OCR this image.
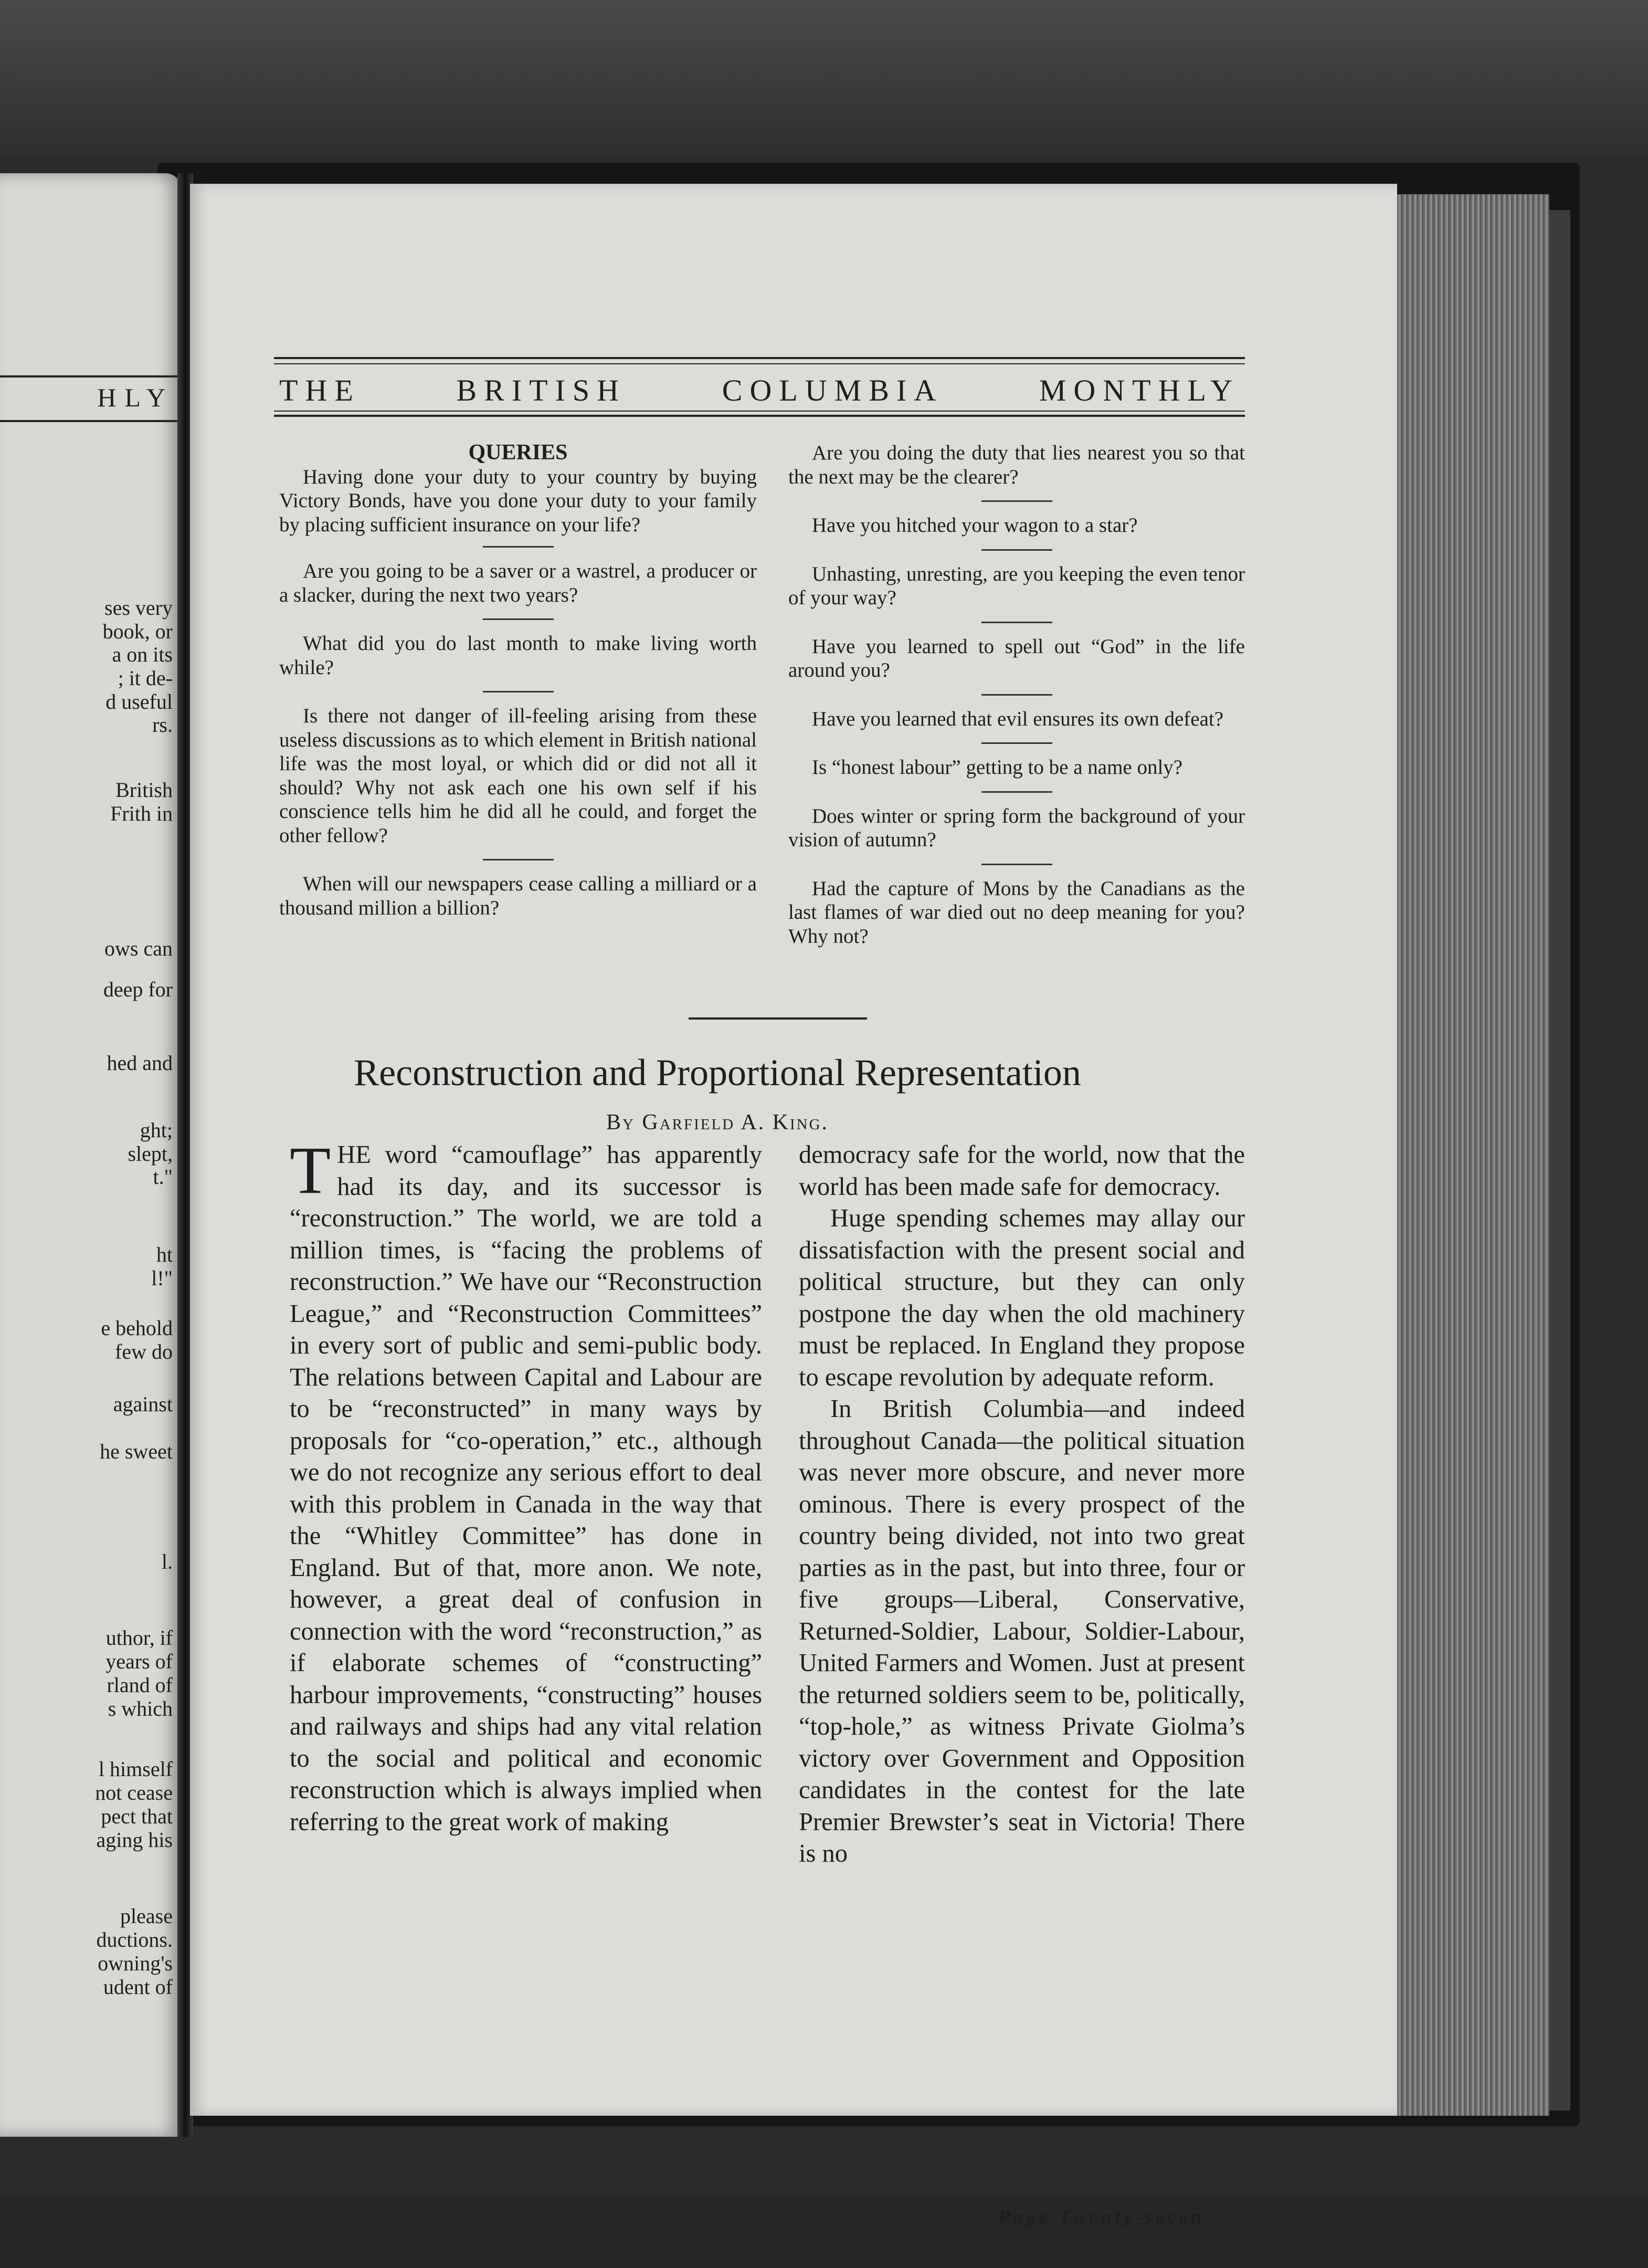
HLY
ses very
book, or
a on its
; it de-
d useful
rs.
British
Frith in
ows can
deep for
hed and
ght;
slept,
t."
ht
l!"
e behold
few do
against
he sweet
l.
uthor, if
years of
rland of
s which
l himself
not cease
pect that
aging his
please
ductions.
owning's
udent of
THE	BRITISH	COLUMBIA	MONTHLY

QUERIES

Having done your duty to your country by buying Victory Bonds, have you done your duty to your family by placing sufficient insurance on your life?

Are you going to be a saver or a wastrel, a producer or a slacker, during the next two years?

What did you do last month to make living worth while?

Is there not danger of ill-feeling arising from these useless discussions as to which element in British national life was the most loyal, or which did or did not all it should? Why not ask each one his own self if his conscience tells him he did all he could, and forget the other fellow?

When will our newspapers cease calling a milliard or a thousand million a billion?

Are you doing the duty that lies nearest you so that the next may be the clearer?

Have you hitched your wagon to a star?

Unhasting, unresting, are you keeping the even tenor of your way?

Have you learned to spell out “God” in the life around you?

Have you learned that evil ensures its own defeat?

Is “honest labour” getting to be a name only?

Does winter or spring form the background of your vision of autumn?

Had the capture of Mons by the Canadians as the last flames of war died out no deep meaning for you? Why not?

Reconstruction and Proportional Representation

By Garfield A. King.

THE word “camouflage” has apparently had its day, and its successor is “reconstruction.” The world, we are told a million times, is “facing the problems of reconstruction.” We have our “Reconstruction League,” and “Reconstruction Committees” in every sort of public and semi-public body. The relations between Capital and Labour are to be “reconstructed” in many ways by proposals for “co-operation,” etc., although we do not recognize any serious effort to deal with this problem in Canada in the way that the “Whitley Committee” has done in England. But of that, more anon. We note, however, a great deal of confusion in connection with the word “reconstruction,” as if elaborate schemes of “constructing” harbour improvements, “constructing” houses and railways and ships had any vital relation to the social and political and economic reconstruction which is always implied when referring to the great work of making

democracy safe for the world, now that the world has been made safe for democracy.

Huge spending schemes may allay our dissatisfaction with the present social and political structure, but they can only postpone the day when the old machinery must be replaced. In England they propose to escape revolution by adequate reform.

In British Columbia—and indeed throughout Canada—the political situation was never more obscure, and never more ominous. There is every prospect of the country being divided, not into two great parties as in the past, but into three, four or five groups—Liberal, Conservative, Returned-Soldier, Labour, Soldier-Labour, United Farmers and Women. Just at present the returned soldiers seem to be, politically, “top-hole,” as witness Private Giolma’s victory over Government and Opposition candidates in the contest for the late Premier Brewster’s seat in Victoria! There is no

Page Twenty-seven
